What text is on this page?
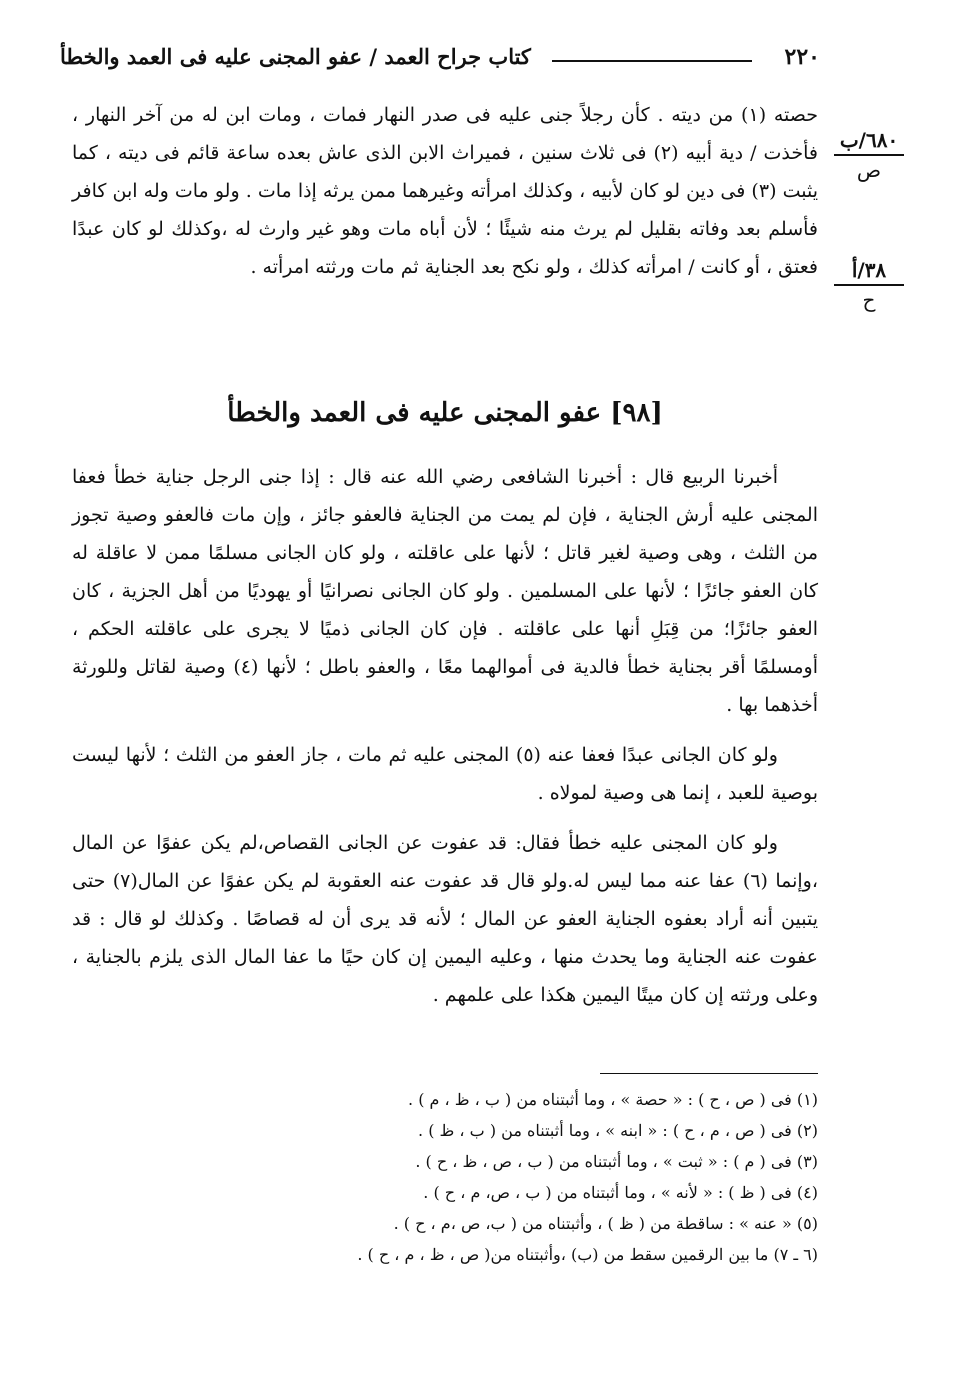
٢٢٠
كتاب جراح العمد / عفو المجنى عليه فى العمد والخطأ
٦٨٠/ب
ص
٣٨/أ
ح

حصته (١) من ديته . كأن رجلاً جنى عليه فى صدر النهار فمات ، ومات ابن له من آخر النهار ، فأخذت / دية أبيه (٢) فى ثلاث سنين ، فميراث الابن الذى عاش بعده ساعة قائم فى ديته ، كما يثبت (٣) فى دين لو كان لأبيه ، وكذلك امرأته وغيرهما ممن يرثه إذا مات . ولو مات وله ابن كافر فأسلم بعد وفاته بقليل لم يرث منه شيئًا ؛ لأن أباه مات وهو غير وارث له ،وكذلك لو كان عبدًا فعتق ، أو كانت / امرأته كذلك ، ولو نكح بعد الجناية ثم مات ورثته امرأته .

[٩٨] عفو المجنى عليه فى العمد والخطأ

أخبرنا الربيع قال : أخبرنا الشافعى رضي الله عنه قال : إذا جنى الرجل جناية خطأ فعفا المجنى عليه أرش الجناية ، فإن لم يمت من الجناية فالعفو جائز ، وإن مات فالعفو وصية تجوز من الثلث ، وهى وصية لغير قاتل ؛ لأنها على عاقلته ، ولو كان الجانى مسلمًا ممن لا عاقلة له كان العفو جائزًا ؛ لأنها على المسلمين . ولو كان الجانى نصرانيًا أو يهوديًا من أهل الجزية ، كان العفو جائزًا؛ من قِبَلِ أنها على عاقلته . فإن كان الجانى ذميًا لا يجرى على عاقلته الحكم ، أومسلمًا أقر بجناية خطأ فالدية فى أموالهما معًا ، والعفو باطل ؛ لأنها (٤) وصية لقاتل وللورثة أخذهما بها .

ولو كان الجانى عبدًا فعفا عنه (٥) المجنى عليه ثم مات ، جاز العفو من الثلث ؛ لأنها ليست بوصية للعبد ، إنما هى وصية لمولاه .

ولو كان المجنى عليه خطأ فقال: قد عفوت عن الجانى القصاص،لم يكن عفوًا عن المال ،وإنما (٦) عفا عنه مما ليس له.ولو قال قد عفوت عنه العقوبة لم يكن عفوًا عن المال(٧) حتى يتبين أنه أراد بعفوه الجناية العفو عن المال ؛ لأنه قد يرى أن له قصاصًا . وكذلك لو قال : قد عفوت عنه الجناية وما يحدث منها ، وعليه اليمين إن كان حيًا ما عفا المال الذى يلزم بالجناية ، وعلى ورثته إن كان ميتًا اليمين هكذا على علمهم .

(١) فى ( ص ، ح ) : « حصة » ، وما أثبتناه من ( ب ، ظ ، م ) .
(٢) فى ( ص ، م ، ح ) : « ابنه » ، وما أثبتناه من ( ب ، ظ ) .
(٣) فى ( م ) : « ثبت » ، وما أثبتناه من ( ب ، ص ، ظ ، ح ) .
(٤) فى ( ظ ) : « لأنه » ، وما أثبتناه من ( ب ، ص، م ، ح ) .
(٥) « عنه » : ساقطة من ( ظ ) ، وأثبتناه من ( ب، ص ،م ، ح ) .
(٦ ـ ٧) ما بين الرقمين سقط من (ب) ،وأثبتناه من( ص ، ظ ، م ، ح ) .
